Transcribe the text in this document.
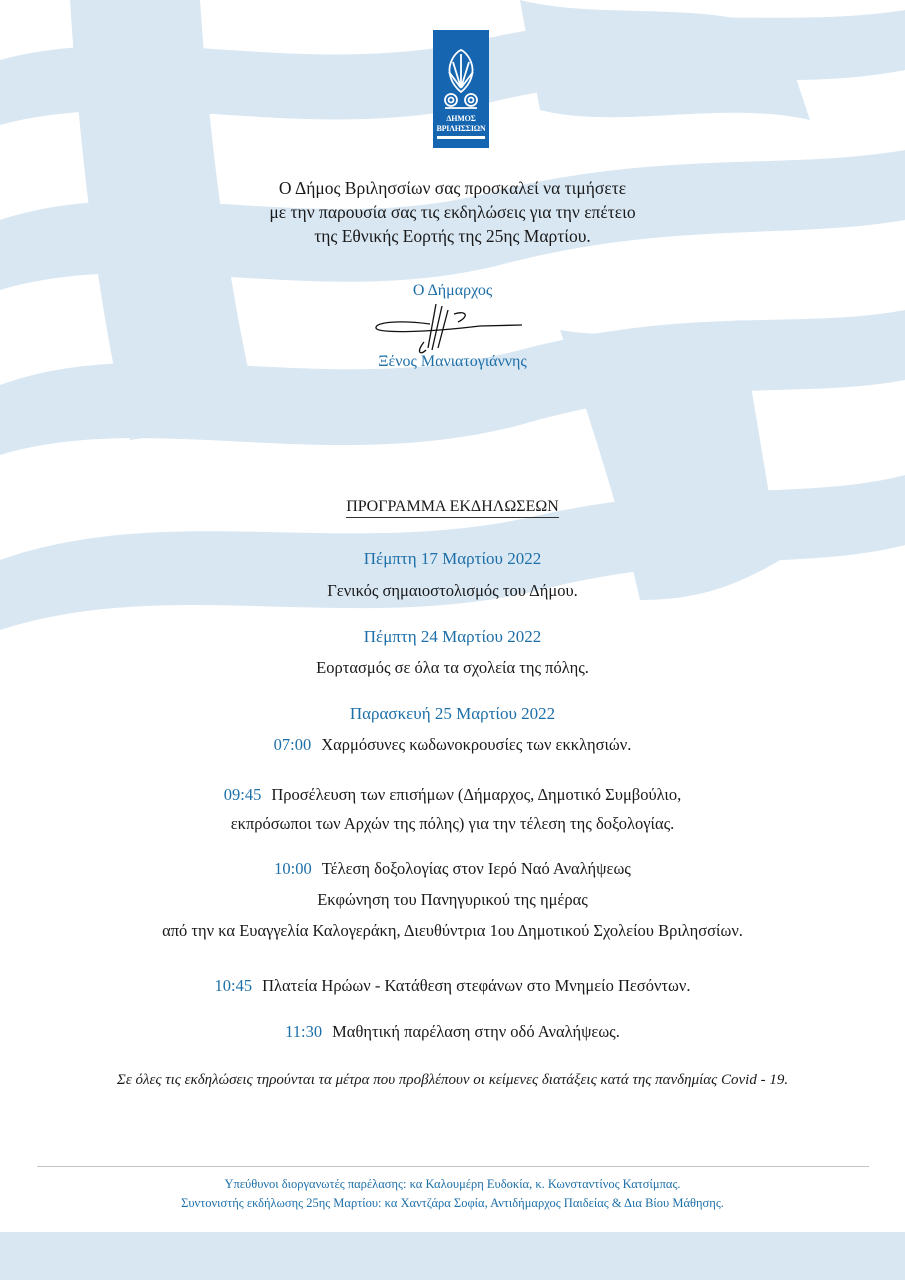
ΔΗΜΟΣ
ΒΡΙΛΗΣΣΙΩΝ
Ο Δήμος Βριλησσίων σας προσκαλεί να τιμήσετε
με την παρουσία σας τις εκδηλώσεις για την επέτειο
της Εθνικής Εορτής της 25ης Μαρτίου.
Ο Δήμαρχος
Ξένος Μανιατογιάννης
ΠΡΟΓΡΑΜΜΑ ΕΚΔΗΛΩΣΕΩΝ
Πέμπτη 17 Μαρτίου 2022
Γενικός σημαιοστολισμός του Δήμου.
Πέμπτη 24 Μαρτίου 2022
Εορτασμός σε όλα τα σχολεία της πόλης.
Παρασκευή 25 Μαρτίου 2022
07:00 Χαρμόσυνες κωδωνοκρουσίες των εκκλησιών.
09:45 Προσέλευση των επισήμων (Δήμαρχος, Δημοτικό Συμβούλιο,
εκπρόσωποι των Αρχών της πόλης) για την τέλεση της δοξολογίας.
10:00 Τέλεση δοξολογίας στον Ιερό Ναό Αναλήψεως
Εκφώνηση του Πανηγυρικού της ημέρας
από την κα Ευαγγελία Καλογεράκη, Διευθύντρια 1ου Δημοτικού Σχολείου Βριλησσίων.
10:45 Πλατεία Ηρώων - Κατάθεση στεφάνων στο Μνημείο Πεσόντων.
11:30 Μαθητική παρέλαση στην οδό Αναλήψεως.
Σε όλες τις εκδηλώσεις τηρούνται τα μέτρα που προβλέπουν οι κείμενες διατάξεις κατά της πανδημίας Covid - 19.
Υπεύθυνοι διοργανωτές παρέλασης: κα Καλουμέρη Ευδοκία, κ. Κωνσταντίνος Κατσίμπας.
Συντονιστής εκδήλωσης 25ης Μαρτίου: κα Χαντζάρα Σοφία, Αντιδήμαρχος Παιδείας & Δια Βίου Μάθησης.
